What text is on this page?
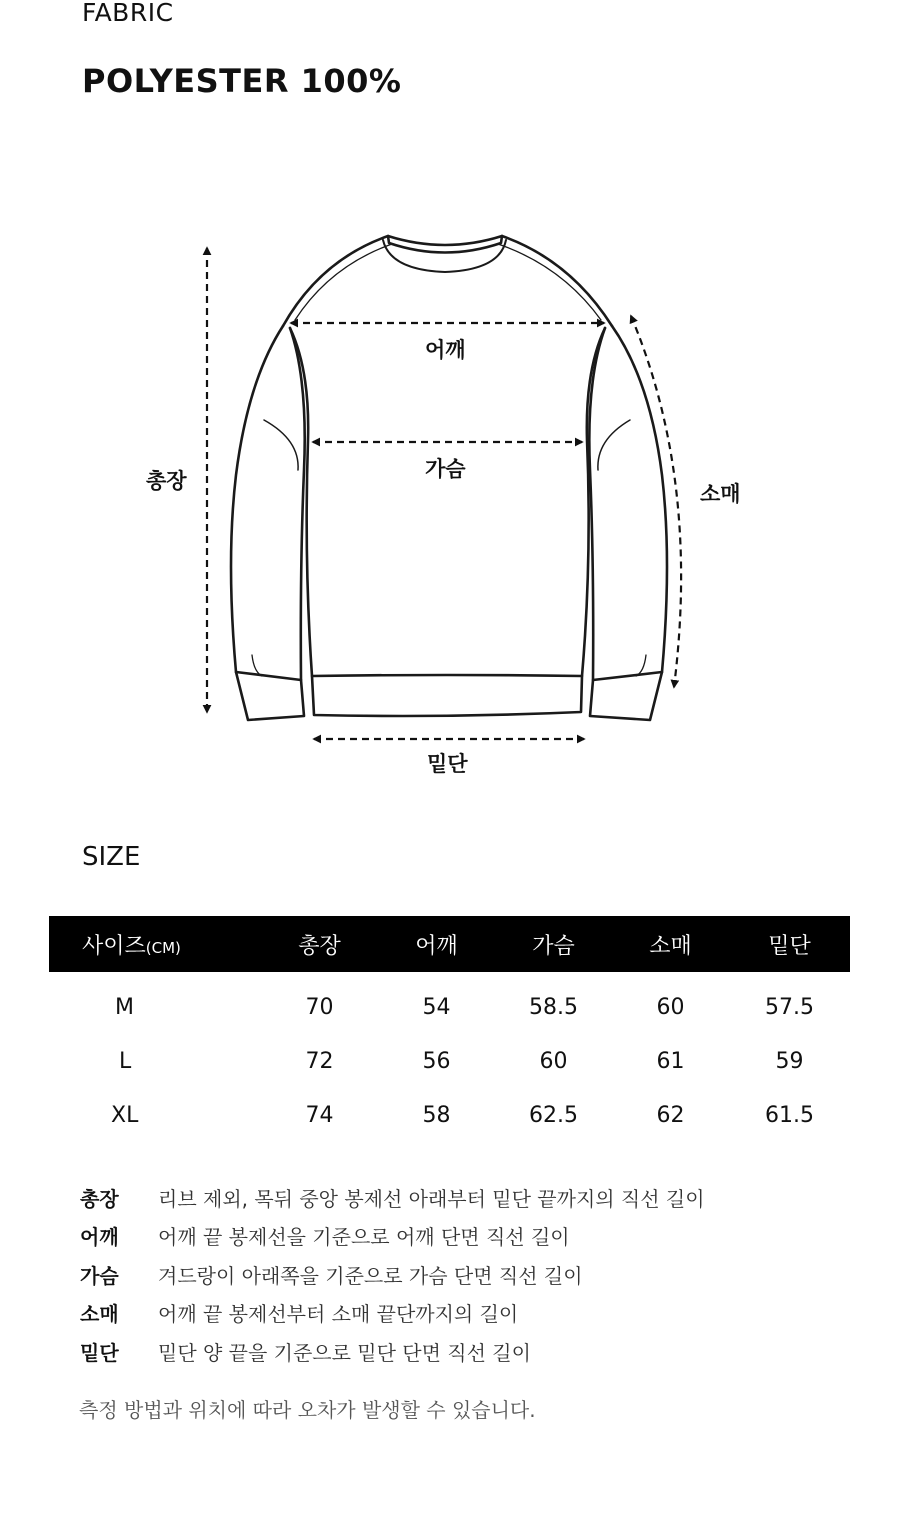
FABRIC
POLYESTER 100%
총장
어깨
가슴
소매
밑단
SIZE
사이즈(CM)	총장	어깨	가슴	소매	밑단
M	70	54	58.5	60	57.5
L	72	56	60	61	59
XL	74	58	62.5	62	61.5
총장	리브 제외, 목뒤 중앙 봉제선 아래부터 밑단 끝까지의 직선 길이
어깨	어깨 끝 봉제선을 기준으로 어깨 단면 직선 길이
가슴	겨드랑이 아래쪽을 기준으로 가슴 단면 직선 길이
소매	어깨 끝 봉제선부터 소매 끝단까지의 길이
밑단	밑단 양 끝을 기준으로 밑단 단면 직선 길이
측정 방법과 위치에 따라 오차가 발생할 수 있습니다.
